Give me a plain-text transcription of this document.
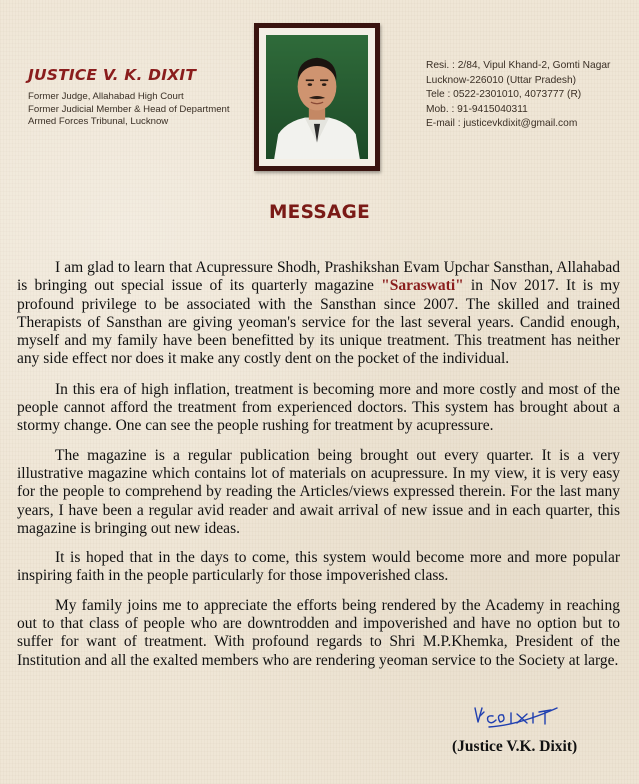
JUSTICE V. K. DIXIT
Former Judge, Allahabad High Court
Former Judicial Member & Head of Department
Armed Forces Tribunal, Lucknow
Resi. : 2/84, Vipul Khand-2, Gomti Nagar
Lucknow-226010 (Uttar Pradesh)
Tele : 0522-2301010, 4073777 (R)
Mob. : 91-9415040311
E-mail : justicevkdixit@gmail.com
MESSAGE

I am glad to learn that Acupressure Shodh, Prashikshan Evam Upchar Sansthan, Allahabad is bringing out special issue of its quarterly magazine "Saraswati" in Nov 2017. It is my profound privilege to be associated with the Sansthan since 2007. The skilled and trained Therapists of Sansthan are giving yeoman's service for the last several years. Candid enough, myself and my family have been benefitted by its unique treatment. This treatment has neither any side effect nor does it make any costly dent on the pocket of the individual.

In this era of high inflation, treatment is becoming more and more costly and most of the people cannot afford the treatment from experienced doctors. This system has brought about a stormy change. One can see the people rushing for treatment by acupressure.

The magazine is a regular publication being brought out every quarter. It is a very illustrative magazine which contains lot of materials on acupressure. In my view, it is very easy for the people to comprehend by reading the Articles/views expressed therein. For the last many years, I have been a regular avid reader and await arrival of new issue and in each quarter, this magazine is bringing out new ideas.

It is hoped that in the days to come, this system would become more and more popular inspiring faith in the people particularly for those impoverished class.

My family joins me to appreciate the efforts being rendered by the Academy in reaching out to that class of people who are downtrodden and impoverished and have no option but to suffer for want of treatment. With profound regards to Shri M.P.Khemka, President of the Institution and all the exalted members who are rendering yeoman service to the Society at large.

(Justice V.K. Dixit)
